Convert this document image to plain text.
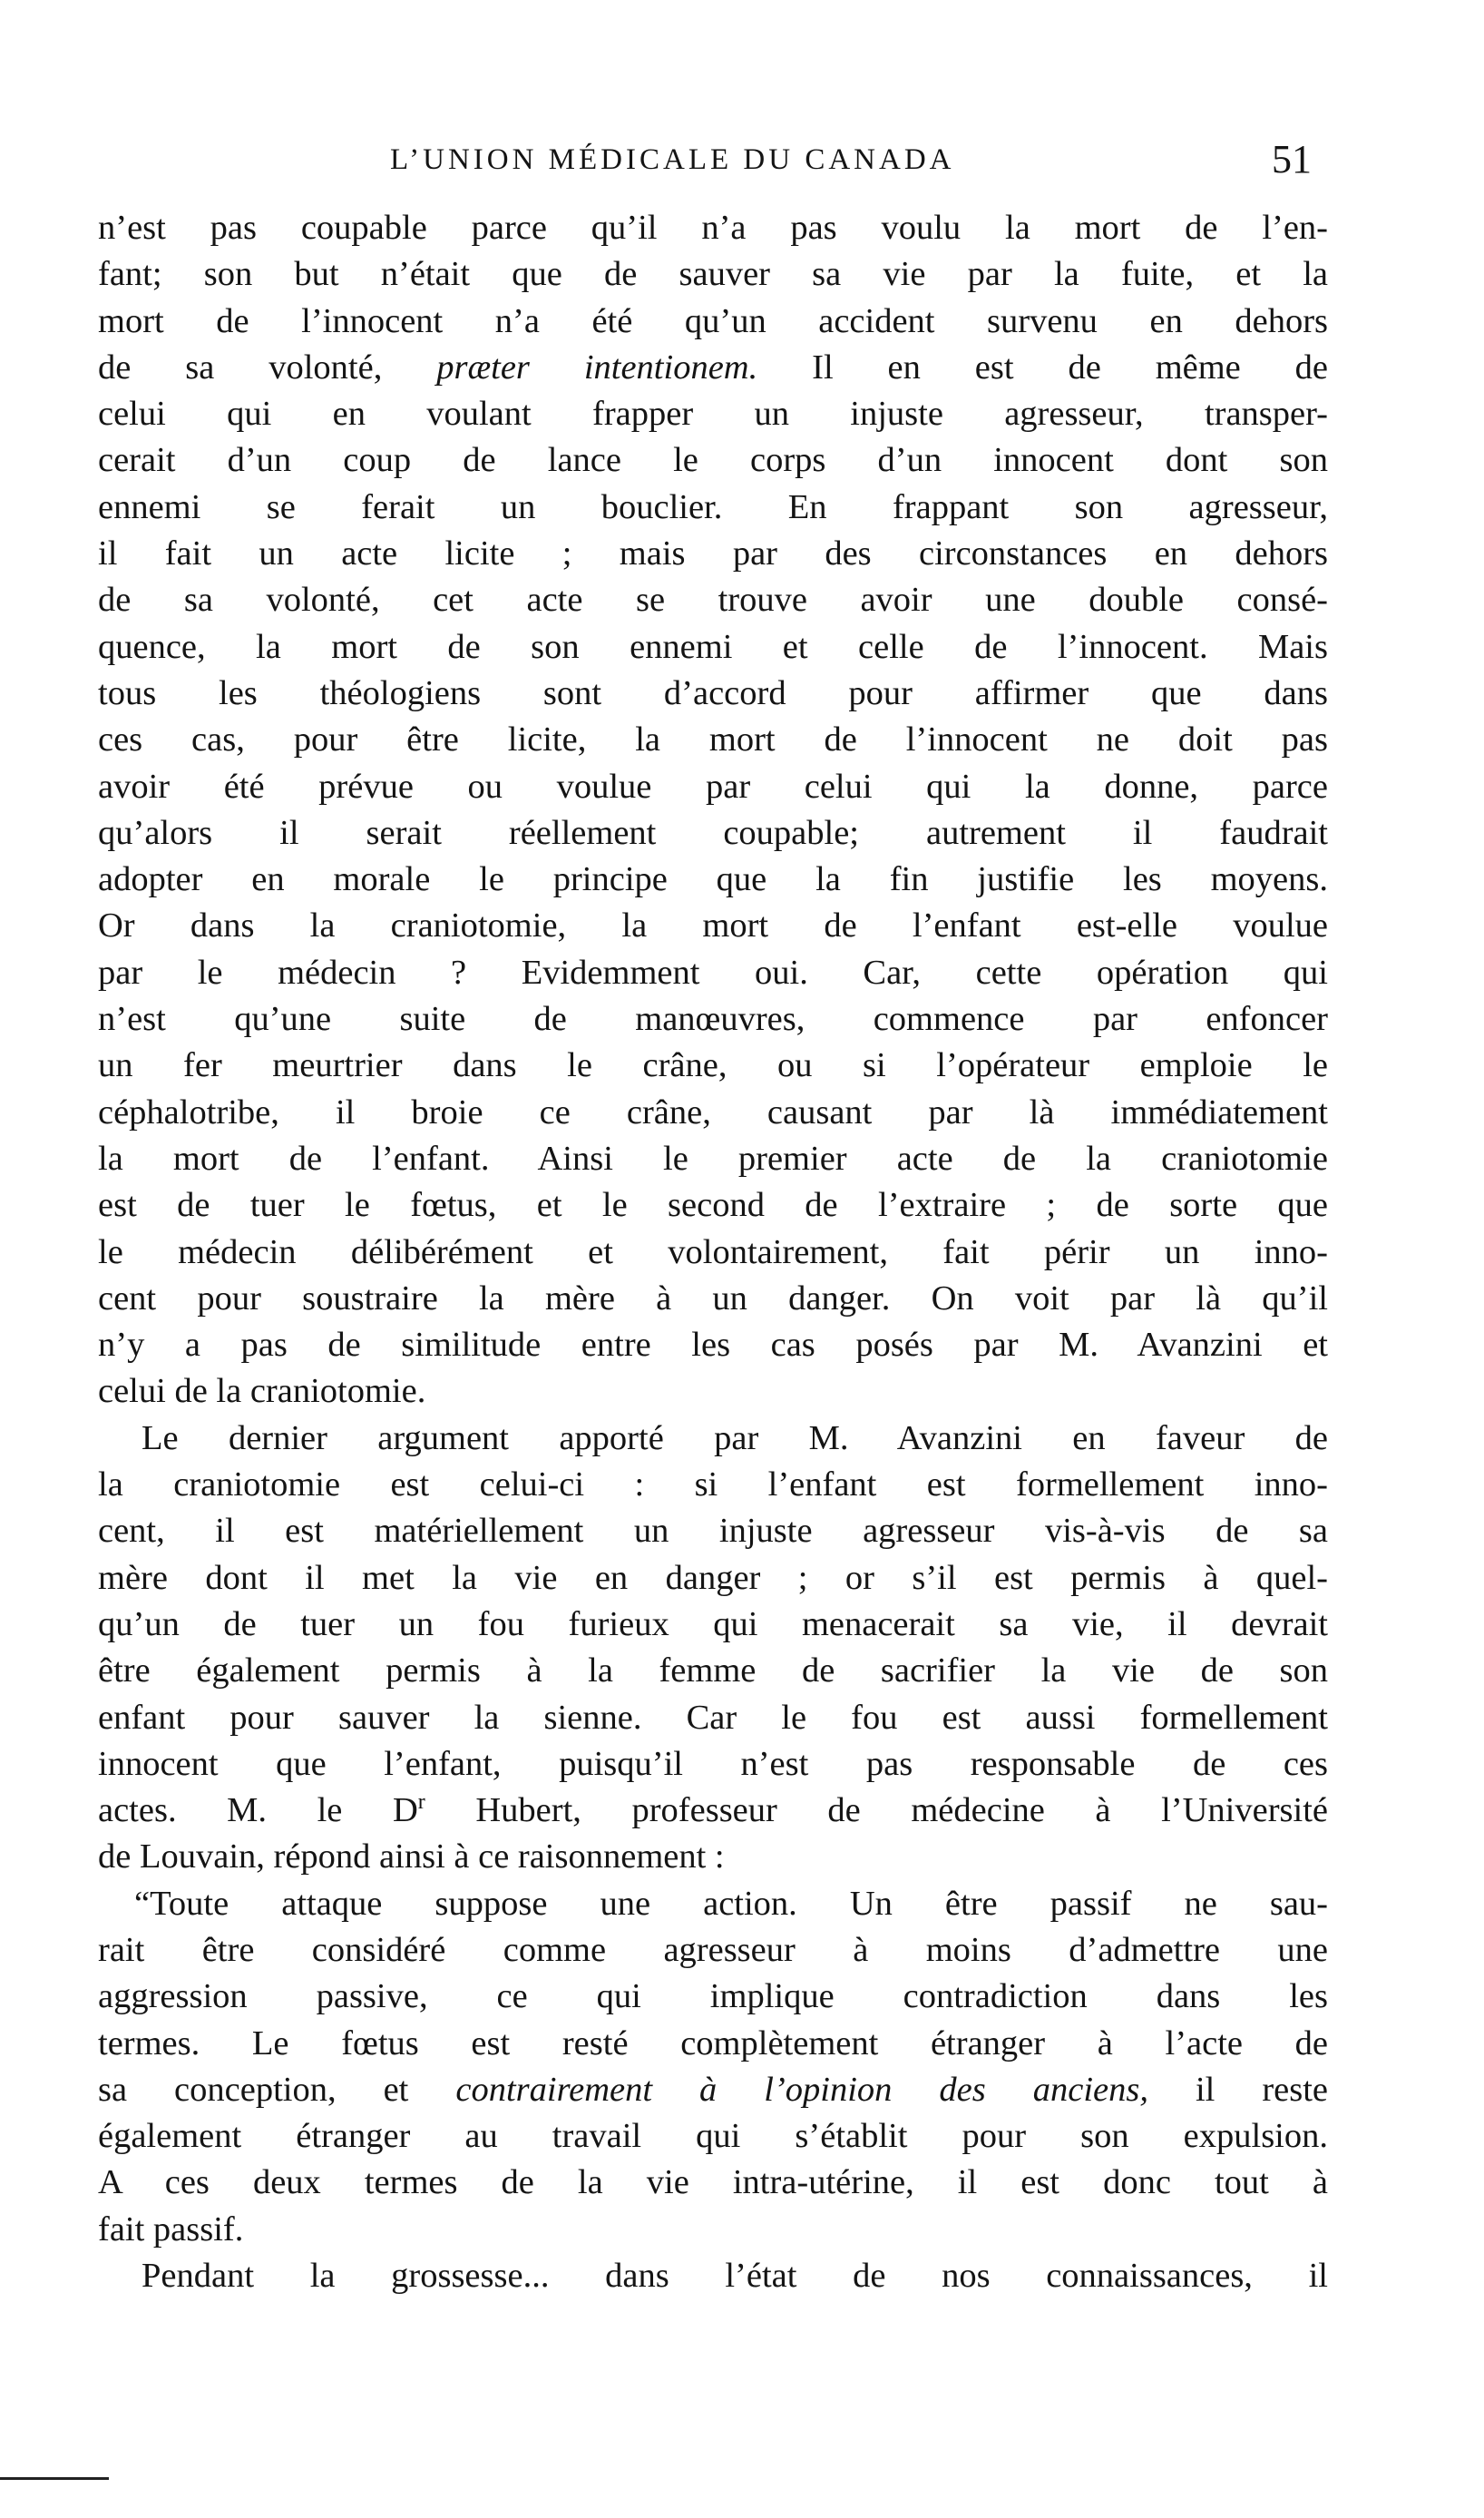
L’UNION MÉDICALE DU CANADA	51
n’est pas coupable parce qu’il n’a pas voulu la mort de l’en-
fant; son but n’était que de sauver sa vie par la fuite, et la
mort de l’innocent n’a été qu’un accident survenu en dehors
de sa volonté, præter intentionem. Il en est de même de
celui qui en voulant frapper un injuste agresseur, transper-
cerait d’un coup de lance le corps d’un innocent dont son
ennemi se ferait un bouclier. En frappant son agresseur,
il fait un acte licite ; mais par des circonstances en dehors
de sa volonté, cet acte se trouve avoir une double consé-
quence, la mort de son ennemi et celle de l’innocent. Mais
tous les théologiens sont d’accord pour affirmer que dans
ces cas, pour être licite, la mort de l’innocent ne doit pas
avoir été prévue ou voulue par celui qui la donne, parce
qu’alors il serait réellement coupable; autrement il faudrait
adopter en morale le principe que la fin justifie les moyens.
Or dans la craniotomie, la mort de l’enfant est-elle voulue
par le médecin ? Evidemment oui. Car, cette opération qui
n’est qu’une suite de manœuvres, commence par enfoncer
un fer meurtrier dans le crâne, ou si l’opérateur emploie le
céphalotribe, il broie ce crâne, causant par là immédiatement
la mort de l’enfant. Ainsi le premier acte de la craniotomie
est de tuer le fœtus, et le second de l’extraire ; de sorte que
le médecin délibérément et volontairement, fait périr un inno-
cent pour soustraire la mère à un danger. On voit par là qu’il
n’y a pas de similitude entre les cas posés par M. Avanzini et
celui de la craniotomie.
Le dernier argument apporté par M. Avanzini en faveur de
la craniotomie est celui-ci : si l’enfant est formellement inno-
cent, il est matériellement un injuste agresseur vis-à-vis de sa
mère dont il met la vie en danger ; or s’il est permis à quel-
qu’un de tuer un fou furieux qui menacerait sa vie, il devrait
être également permis à la femme de sacrifier la vie de son
enfant pour sauver la sienne. Car le fou est aussi formellement
innocent que l’enfant, puisqu’il n’est pas responsable de ces
actes. M. le $D^r$ Hubert, professeur de médecine à l’Université
de Louvain, répond ainsi à ce raisonnement :
“Toute attaque suppose une action. Un être passif ne sau-
rait être considéré comme agresseur à moins d’admettre une
aggression passive, ce qui implique contradiction dans les
termes. Le fœtus est resté complètement étranger à l’acte de
sa conception, et contrairement à l’opinion des anciens, il reste
également étranger au travail qui s’établit pour son expulsion.
A ces deux termes de la vie intra-utérine, il est donc tout à
fait passif.
Pendant la grossesse... dans l’état de nos connaissances, il
